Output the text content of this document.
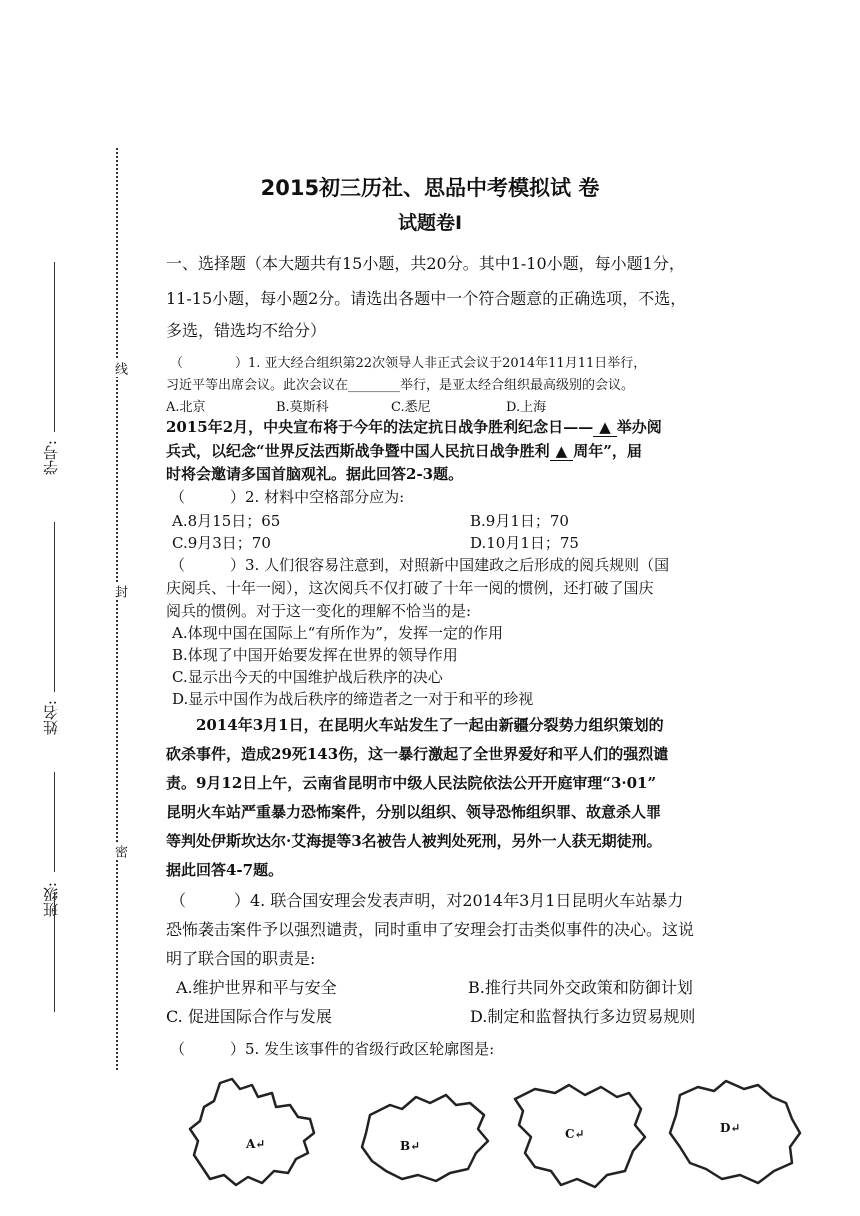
学号:
姓名:
班级:
线
封
密
2015初三历社、思品中考模拟试 卷
试题卷Ⅰ
一、选择题（本大题共有15小题，共20分。其中1-10小题，每小题1分，
11-15小题，每小题2分。请选出各题中一个符合题意的正确选项，不选，
多选，错选均不给分）
（　　　　）1. 亚大经合组织第22次领导人非正式会议于2014年11月11日举行，
习近平等出席会议。此次会议在________举行，是亚太经合组织最高级别的会议。
A.北京	B.莫斯科	C.悉尼	D.上海
2015年2月，中央宣布将于今年的法定抗日战争胜利纪念日—— ▲ 举办阅
兵式，以纪念“世界反法西斯战争暨中国人民抗日战争胜利 ▲ 周年”，届
时将会邀请多国首脑观礼。据此回答2-3题。
（　　　）2. 材料中空格部分应为:
A.8月15日；65	B.9月1日；70
C.9月3日；70	D.10月1日；75
（　　　）3. 人们很容易注意到，对照新中国建政之后形成的阅兵规则（国
庆阅兵、十年一阅），这次阅兵不仅打破了十年一阅的惯例，还打破了国庆
阅兵的惯例。对于这一变化的理解不恰当的是:
A.体现中国在国际上“有所作为”，发挥一定的作用
B.体现了中国开始要发挥在世界的领导作用
C.显示出今天的中国维护战后秩序的决心
D.显示中国作为战后秩序的缔造者之一对于和平的珍视
　　2014年3月1日，在昆明火车站发生了一起由新疆分裂势力组织策划的
砍杀事件，造成29死143伤，这一暴行激起了全世界爱好和平人们的强烈谴
责。9月12日上午，云南省昆明市中级人民法院依法公开开庭审理“3·01”
昆明火车站严重暴力恐怖案件，分别以组织、领导恐怖组织罪、故意杀人罪
等判处伊斯坎达尔·艾海提等3名被告人被判处死刑，另外一人获无期徒刑。
据此回答4-7题。
（　　　）4. 联合国安理会发表声明，对2014年3月1日昆明火车站暴力
恐怖袭击案件予以强烈谴责，同时重申了安理会打击类似事件的决心。这说
明了联合国的职责是:
A.维护世界和平与安全	B.推行共同外交政策和防御计划
C. 促进国际合作与发展	D.制定和监督执行多边贸易规则
（　　　）5. 发生该事件的省级行政区轮廓图是:
A↵	B↵
C↵	D↵
